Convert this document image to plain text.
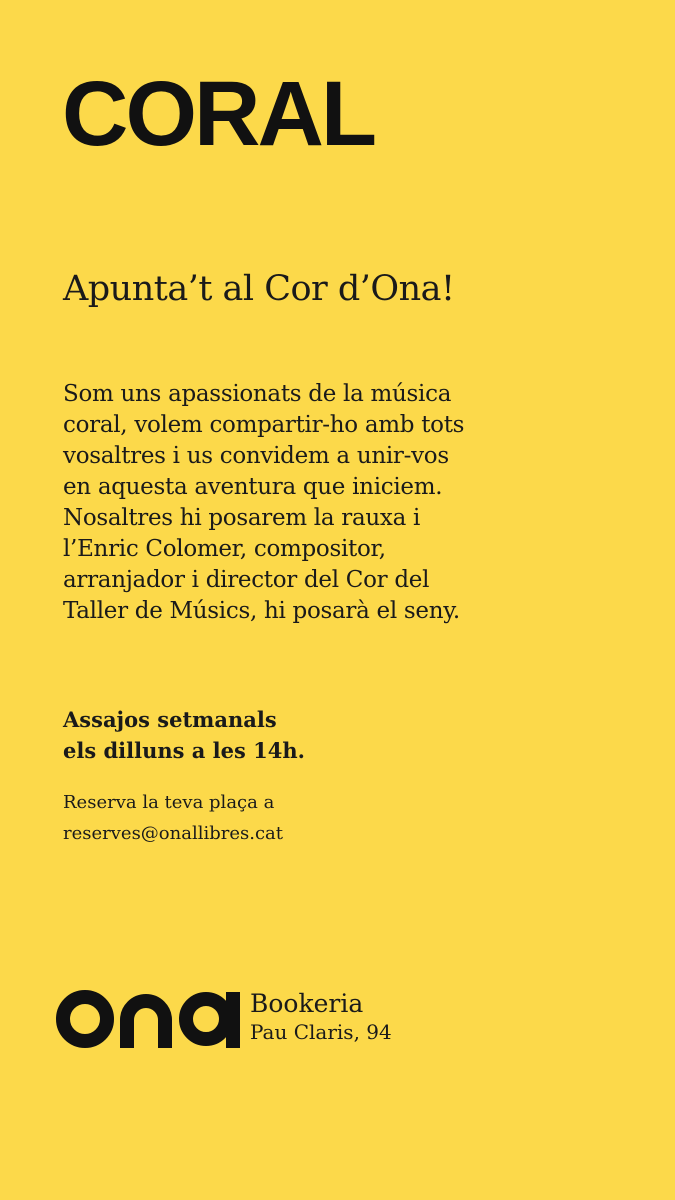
CORAL

Apunta’t al Cor d’Ona!

Som uns apassionats de la música
coral, volem compartir-ho amb tots
vosaltres i us convidem a unir-vos
en aquesta aventura que iniciem.
Nosaltres hi posarem la rauxa i
l’Enric Colomer, compositor,
arranjador i director del Cor del
Taller de Músics, hi posarà el seny.

Assajos setmanals
els dilluns a les 14h.

Reserva la teva plaça a
reserves@onallibres.cat

Bookeria
Pau Claris, 94
